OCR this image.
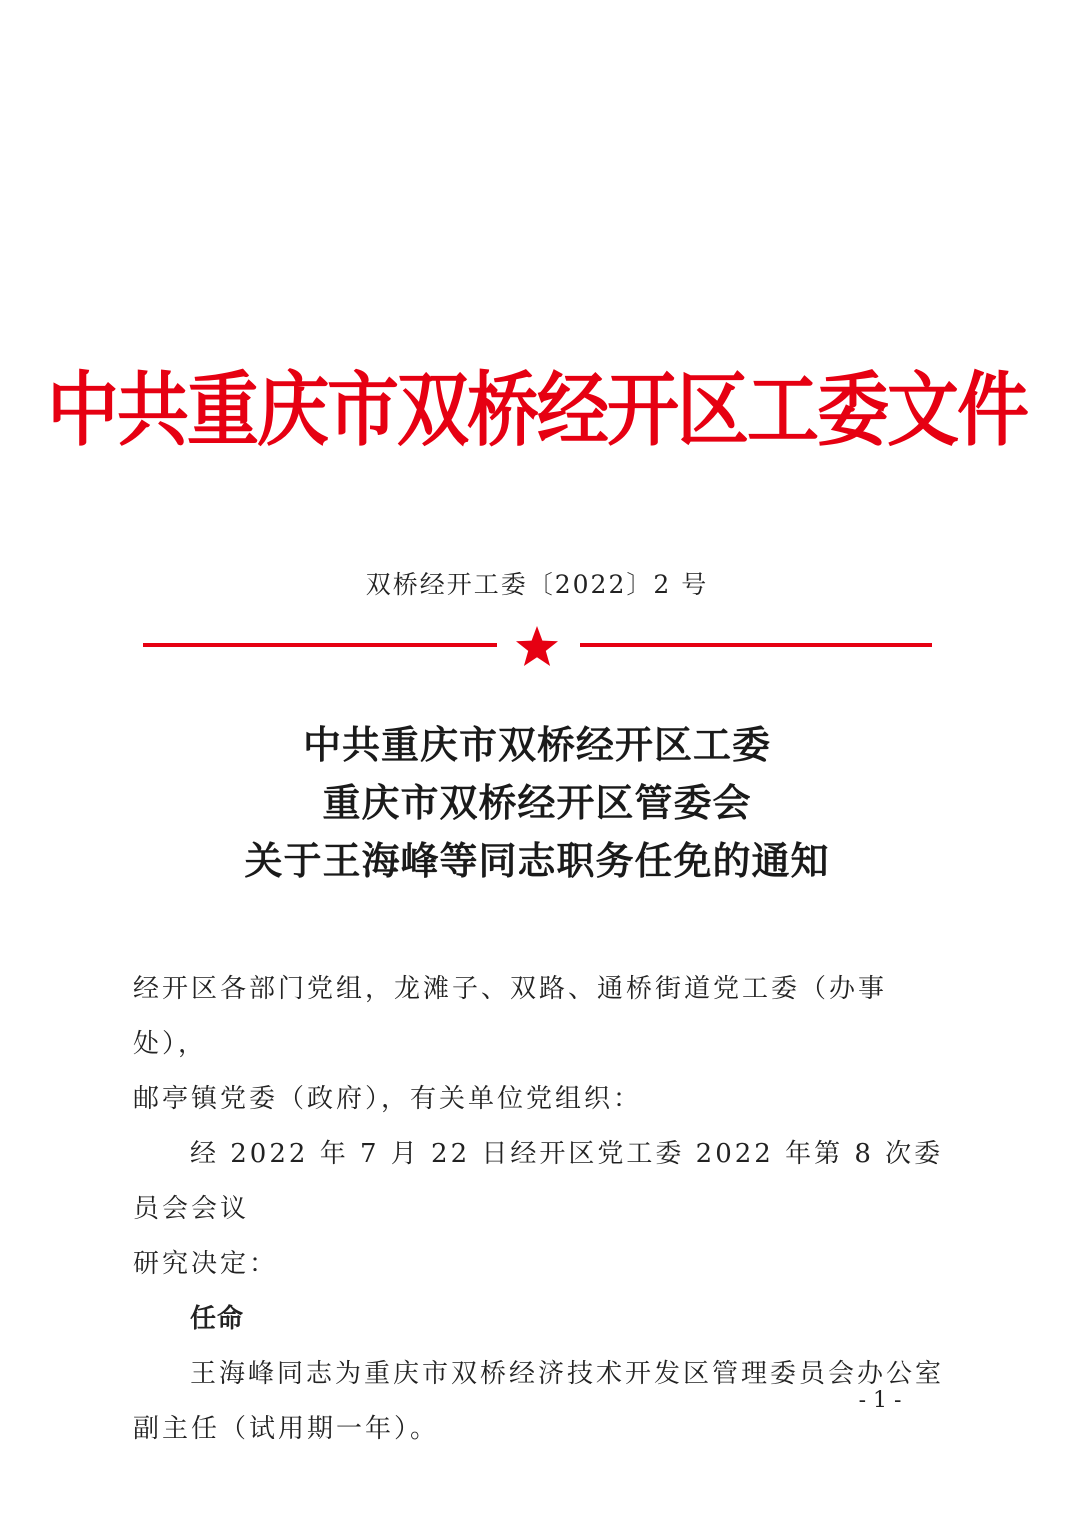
中共重庆市双桥经开区工委文件
双桥经开工委〔2022〕2 号
中共重庆市双桥经开区工委
重庆市双桥经开区管委会
关于王海峰等同志职务任免的通知

经开区各部门党组，龙滩子、双路、通桥街道党工委（办事处），

邮亭镇党委（政府），有关单位党组织：

经 2022 年 7 月 22 日经开区党工委 2022 年第 8 次委员会会议

研究决定：

任命

王海峰同志为重庆市双桥经济技术开发区管理委员会办公室

副主任（试用期一年）。

- 1 -
